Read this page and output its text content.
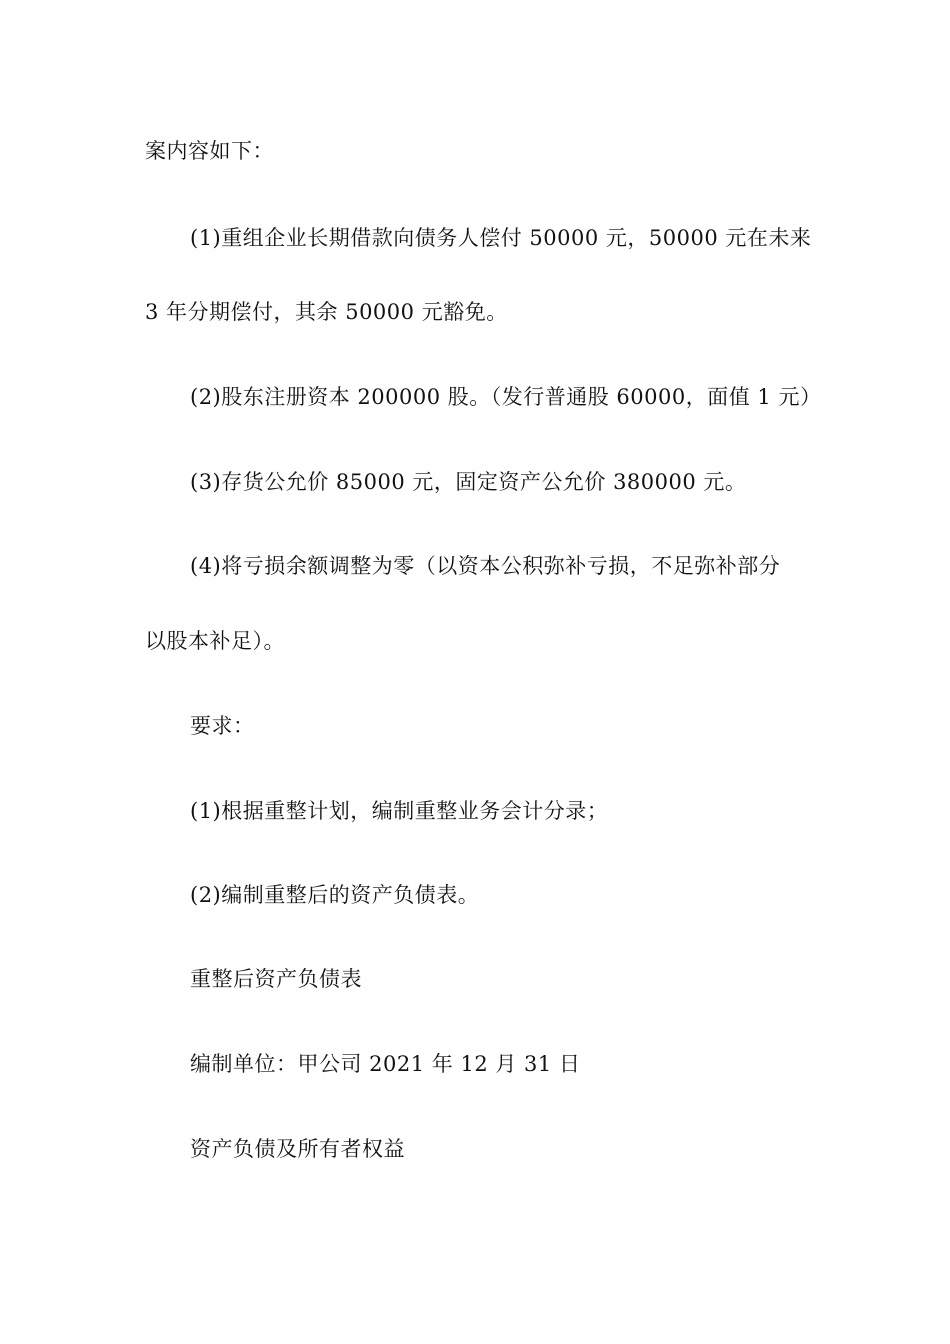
案内容如下：
(1)重组企业长期借款向债务人偿付 50000 元，50000 元在未来
3 年分期偿付，其余 50000 元豁免。
(2)股东注册资本 200000 股。（发行普通股 60000，面值 1 元）
(3)存货公允价 85000 元，固定资产公允价 380000 元。
(4)将亏损余额调整为零（以资本公积弥补亏损，不足弥补部分
以股本补足）。
要求：
(1)根据重整计划，编制重整业务会计分录；
(2)编制重整后的资产负债表。
重整后资产负债表
编制单位：甲公司 2021 年 12 月 31 日
资产负债及所有者权益
